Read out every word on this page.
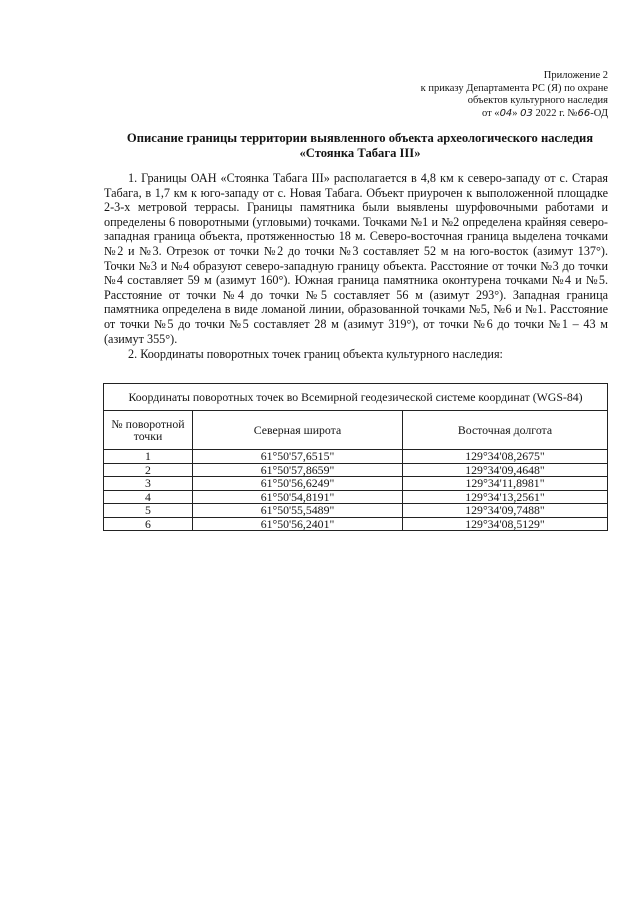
Приложение 2
к приказу Департамента РС (Я) по охране
объектов культурного наследия
от «04» 03 2022 г. №66-ОД
Описание границы территории выявленного объекта археологического наследия
«Стоянка Табага III»

1. Границы ОАН «Стоянка Табага III» располагается в 4,8 км к северо-западу от с. Старая Табага, в 1,7 км к юго-западу от с. Новая Табага. Объект приурочен к выположенной площадке 2-3-х метровой террасы. Границы памятника были выявлены шурфовочными работами и определены 6 поворотными (угловыми) точками. Точками №1 и №2 определена крайняя северо-западная граница объекта, протяженностью 18 м. Северо-восточная граница выделена точками №2 и №3. Отрезок от точки №2 до точки №3 составляет 52 м на юго-восток (азимут 137°). Точки №3 и №4 образуют северо-западную границу объекта. Расстояние от точки №3 до точки №4 составляет 59 м (азимут 160°). Южная граница памятника оконтурена точками №4 и №5. Расстояние от точки №4 до точки №5 составляет 56 м (азимут 293°). Западная граница памятника определена в виде ломаной линии, образованной точками №5, №6 и №1. Расстояние от точки №5 до точки №5 составляет 28 м (азимут 319°), от точки №6 до точки №1 – 43 м (азимут 355°).

2. Координаты поворотных точек границ объекта культурного наследия:

Координаты поворотных точек во Всемирной геодезической системе координат (WGS-84)		
№ поворотной точки	Северная широта	Восточная долгота
1	61°50'57,6515"	129°34'08,2675"
2	61°50'57,8659"	129°34'09,4648"
3	61°50'56,6249"	129°34'11,8981"
4	61°50'54,8191"	129°34'13,2561"
5	61°50'55,5489"	129°34'09,7488"
6	61°50'56,2401"	129°34'08,5129"
